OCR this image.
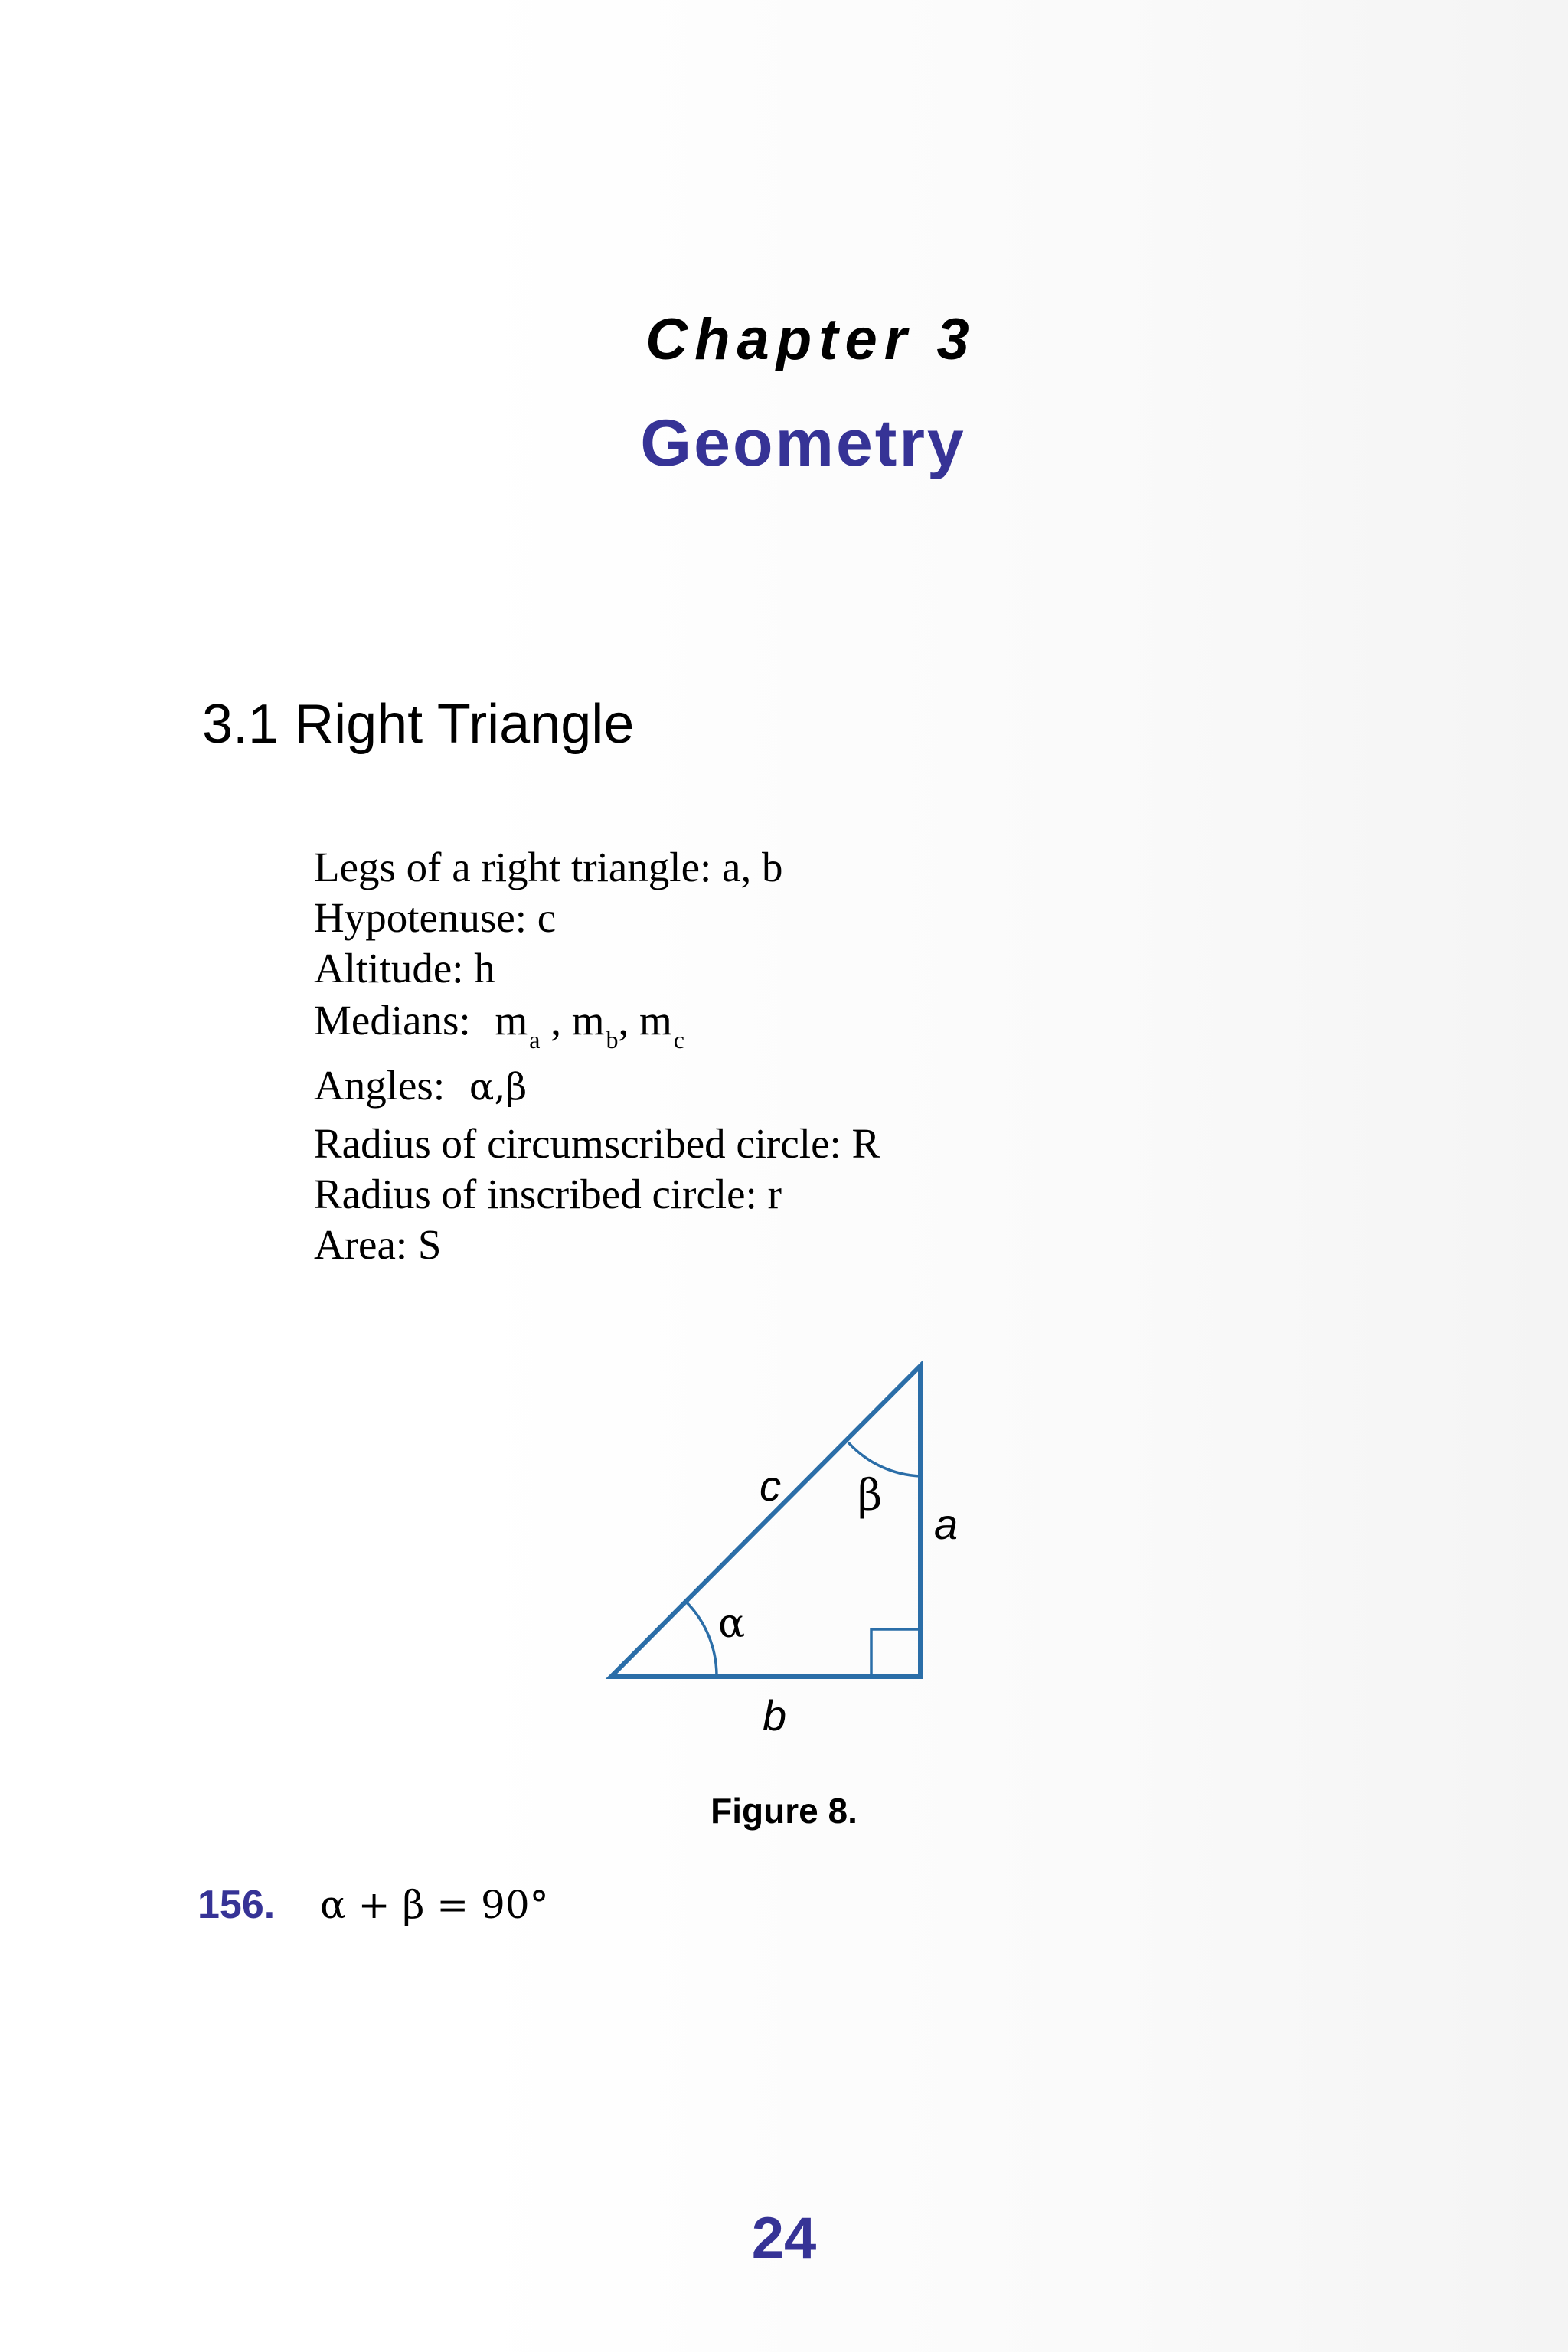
Chapter 3
Geometry
3.1 Right Triangle
Legs of a right triangle: a, b
Hypotenuse: c
Altitude: h
Medians: $m_a$ , $m_b$, $m_c$
Angles: α,β
Radius of circumscribed circle: R
Radius of inscribed circle: r
Area: S
c
a
b
α
β
Figure 8.
156. α + β = 90°
24
